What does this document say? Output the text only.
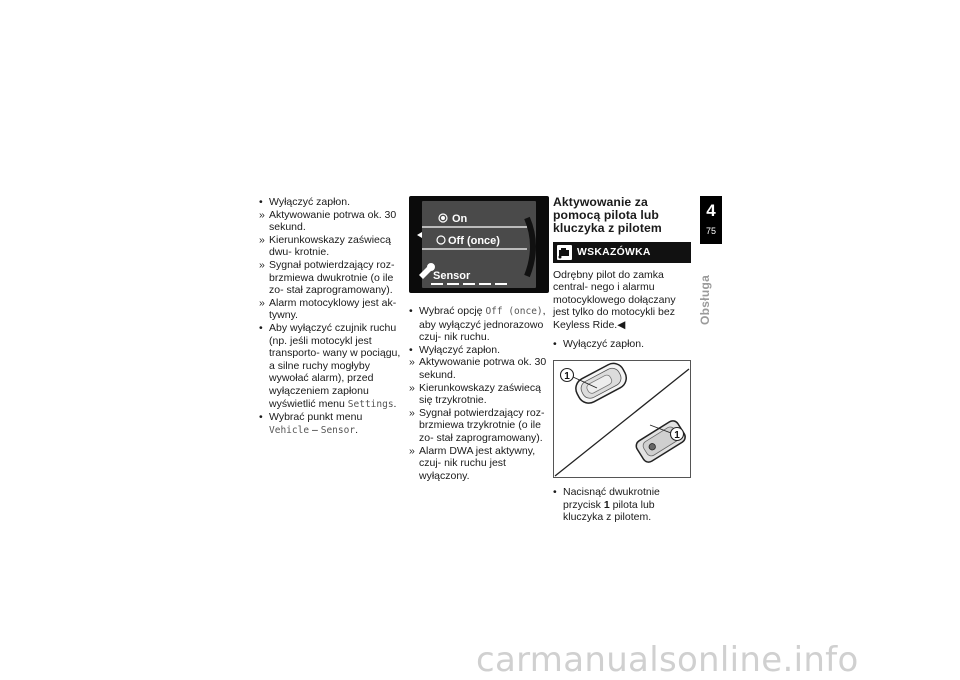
• Wyłączyć zapłon.
» Aktywowanie potrwa ok. 30 sekund.
» Kierunkowskazy zaświecą dwu- krotnie.
» Sygnał potwierdzający roz- brzmiewa dwukrotnie (o ile zo- stał zaprogramowany).
» Alarm motocyklowy jest ak- tywny.
• Aby wyłączyć czujnik ruchu (np. jeśli motocykl jest transporto- wany w pociągu, a silne ruchy mogłyby wywołać alarm), przed wyłączeniem zapłonu wyświetlić menu Settings.
• Wybrać punkt menu Vehicle – Sensor.
On
Off (once)
Sensor
• Wybrać opcję Off (once), aby wyłączyć jednorazowo czuj- nik ruchu.
• Wyłączyć zapłon.
» Aktywowanie potrwa ok. 30 sekund.
» Kierunkowskazy zaświecą się trzykrotnie.
» Sygnał potwierdzający roz- brzmiewa trzykrotnie (o ile zo- stał zaprogramowany).
» Alarm DWA jest aktywny, czuj- nik ruchu jest wyłączony.
Aktywowanie za pomocą pilota lub kluczyka z pilotem
WSKAZÓWKA

Odrębny pilot do zamka central- nego i alarmu motocyklowego dołączany jest tylko do motocykli bez Keyless Ride.◀

• Wyłączyć zapłon.
1
1
• Nacisnąć dwukrotnie przycisk 1 pilota lub kluczyka z pilotem.
4
75
Obsługa
carmanualsonline.info
